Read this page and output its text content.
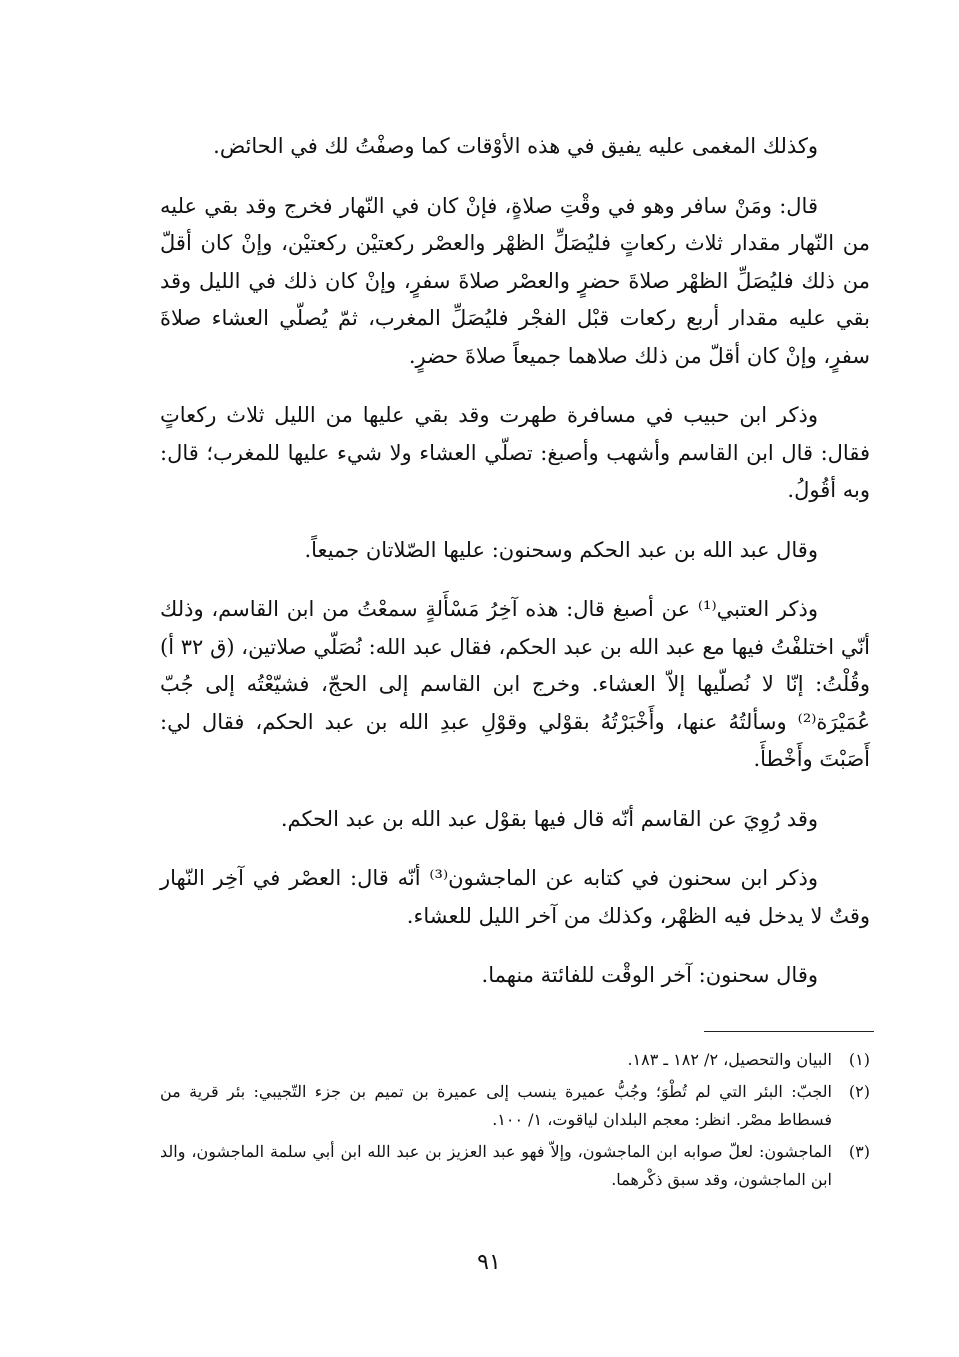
وكذلك المغمى عليه يفيق في هذه الأوْقات كما وصفْتُ لك في الحائض.

قال: ومَنْ سافر وهو في وقْتِ صلاةٍ، فإنْ كان في النّهار فخرج وقد بقي عليه من النّهار مقدار ثلاث ركعاتٍ فليُصَلِّ الظهْر والعصْر ركعتيْن ركعتيْن، وإنْ كان أقلّ من ذلك فليُصَلِّ الظهْر صلاةَ حضرٍ والعصْر صلاةَ سفرٍ، وإنْ كان ذلك في الليل وقد بقي عليه مقدار أربع ركعات قبْل الفجْر فليُصَلِّ المغرب، ثمّ يُصلّي العشاء صلاةَ سفرٍ، وإنْ كان أقلّ من ذلك صلاهما جميعاً صلاةَ حضرٍ.

وذكر ابن حبيب في مسافرة طهرت وقد بقي عليها من الليل ثلاث ركعاتٍ فقال: قال ابن القاسم وأشهب وأصبغ: تصلّي العشاء ولا شيء عليها للمغرب؛ قال: وبه أقُولُ.

وقال عبد الله بن عبد الحكم وسحنون: عليها الصّلاتان جميعاً.

وذكر العتبي⁽¹⁾ عن أصبغ قال: هذه آخِرُ مَسْأَلةٍ سمعْتُ من ابن القاسم، وذلك أنّي اختلفْتُ فيها مع عبد الله بن عبد الحكم، فقال عبد الله: نُصَلّي صلاتين، (ق ٣٢ أ) وقُلْتُ: إنّا لا نُصلّيها إلاّ العشاء. وخرج ابن القاسم إلى الحجّ، فشيّعْتُه إلى جُبّ عُمَيْرَة⁽²⁾ وسألتُهُ عنها، وأَخْبَرْتُهُ بقوْلي وقوْلِ عبدِ الله بن عبد الحكم، فقال لي: أَصَبْتَ وأَخْطأَ.

وقد رُوِيَ عن القاسم أنّه قال فيها بقوْل عبد الله بن عبد الحكم.

وذكر ابن سحنون في كتابه عن الماجشون⁽³⁾ أنّه قال: العصْر في آخِر النّهار وقتٌ لا يدخل فيه الظهْر، وكذلك من آخر الليل للعشاء.

وقال سحنون: آخر الوقْت للفائتة منهما.

(١)
البيان والتحصيل، ٢/ ١٨٢ ـ ١٨٣.
(٢)
الجبّ: البئر التي لم تُطْوَ؛ وجُبُّ عميرة ينسب إلى عميرة بن تميم بن جزء التّجيبي: بئر قرية من فسطاط مصْر. انظر: معجم البلدان لياقوت، ١/ ١٠٠.
(٣)
الماجشون: لعلّ صوابه ابن الماجشون، وإلاّ فهو عبد العزيز بن عبد الله ابن أبي سلمة الماجشون، والد ابن الماجشون، وقد سبق ذكْرهما.
٩١
